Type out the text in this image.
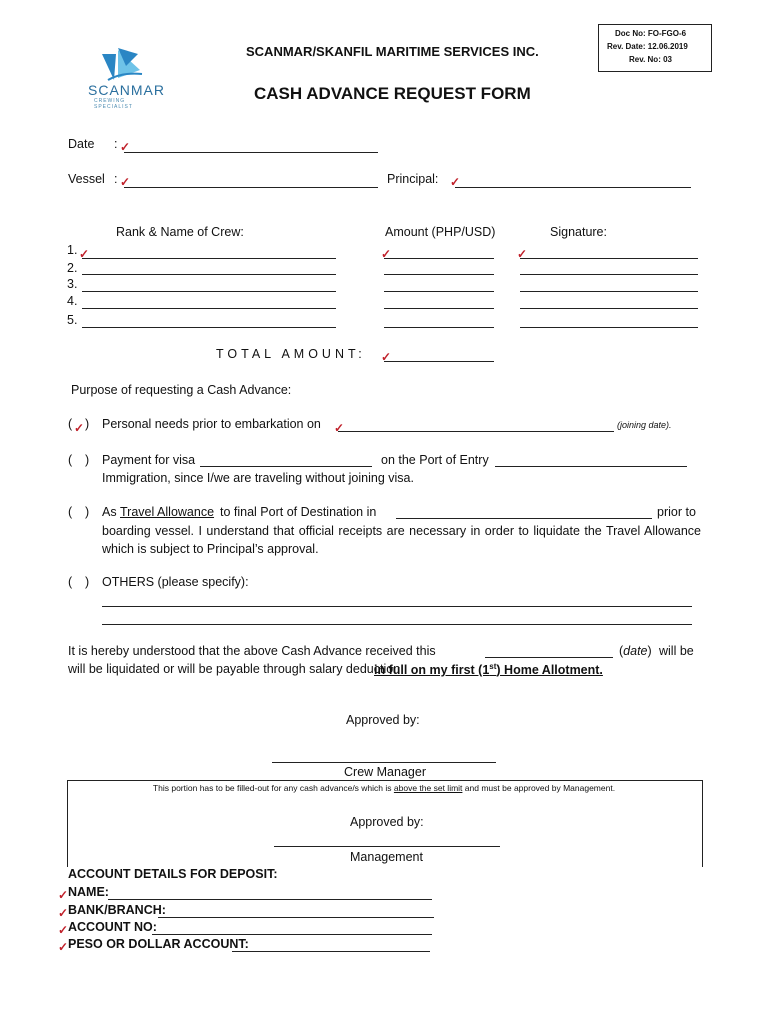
SCANMAR
CREWING SPECIALIST
SCANMAR/SKANFIL MARITIME SERVICES INC.
CASH ADVANCE REQUEST FORM
Doc No: FO-FGO-6
Rev. Date: 12.06.2019
Rev. No: 03
Date : ✓
Vessel : ✓	Principal: ✓
Rank & Name of Crew:	Amount (PHP/USD)	Signature:
1. ✓	✓	✓
2.
3.
4.
5.
TOTAL AMOUNT: ✓
Purpose of requesting a Cash Advance:
( ✓ ) Personal needs prior to embarkation on ✓	(joining date).
( ) Payment for visa	on the Port of Entry
Immigration, since I/we are traveling without joining visa.
( ) As Travel Allowance to final Port of Destination in	prior to
boarding vessel. I understand that official receipts are necessary in order to liquidate the Travel Allowance which is subject to Principal’s approval.
( ) OTHERS (please specify):
It is hereby understood that the above Cash Advance received this	(date) will be
will be liquidated or will be payable through salary deduction
in full on my first (1st) Home Allotment.
Approved by:
Crew Manager
This portion has to be filled-out for any cash advance/s which is above the set limit and must be approved by Management.
Approved by:
Management
ACCOUNT DETAILS FOR DEPOSIT:
✓ NAME:
✓ BANK/BRANCH:
✓ ACCOUNT NO:
✓ PESO OR DOLLAR ACCOUNT:
